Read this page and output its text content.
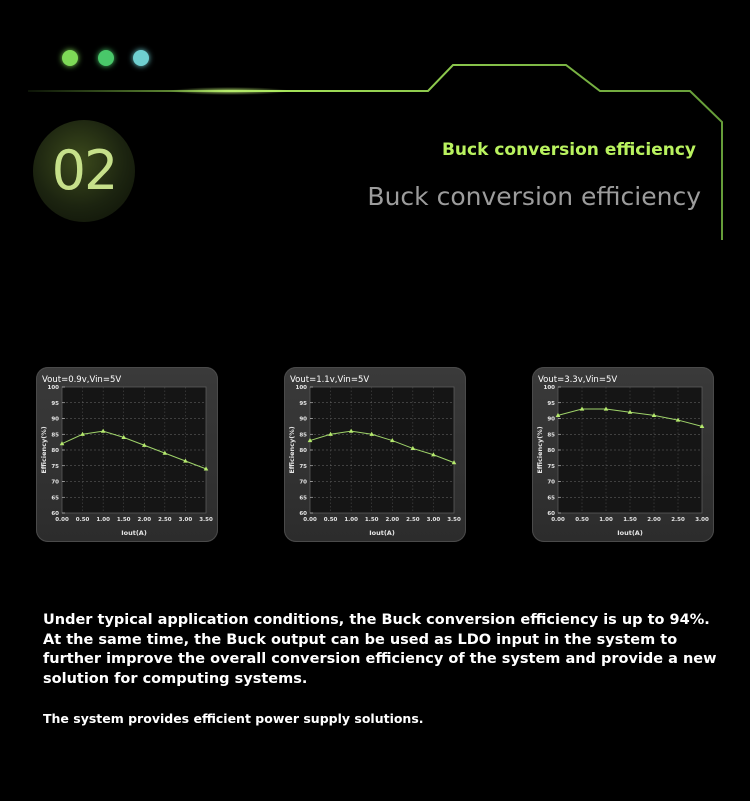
02	Buck conversion efficiency
Buck conversion efficiency
60
65
70
75
80
85
90
95
100
0.00 0.50 1.00 1.50 2.00 2.50 3.00 3.50
Vout=0.9v,Vin=5V
Iout(A)
Efficiency(%)
60
65
70
75
80
85
90
95
100
0.00 0.50 1.00 1.50 2.00 2.50 3.00 3.50
Vout=1.1v,Vin=5V
Iout(A)
Efficiency(%)
60
65
70
75
80
85
90
95
100
0.00 0.50 1.00 1.50 2.00 2.50 3.00
Vout=3.3v,Vin=5V
Iout(A)
Efficiency(%)

Under typical application conditions, the Buck conversion efficiency is up to 94%.

At the same time, the Buck output can be used as LDO input in the system to

further improve the overall conversion efficiency of the system and provide a new

solution for computing systems.

The system provides efficient power supply solutions.
